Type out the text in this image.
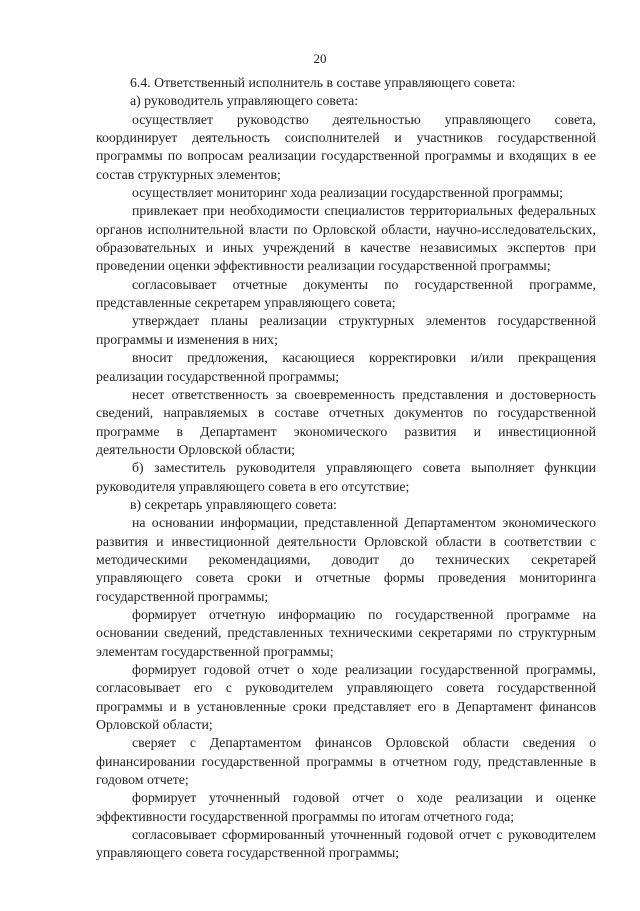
20

6.4. Ответственный исполнитель в составе управляющего совета:

а) руководитель управляющего совета:

осуществляет руководство деятельностью управляющего совета, координирует деятельность соисполнителей и участников государственной программы по вопросам реализации государственной программы и входящих в ее состав структурных элементов;

осуществляет мониторинг хода реализации государственной программы;

привлекает при необходимости специалистов территориальных федеральных органов исполнительной власти по Орловской области, научно-исследовательских, образовательных и иных учреждений в качестве независимых экспертов при проведении оценки эффективности реализации государственной программы;

согласовывает отчетные документы по государственной программе, представленные секретарем управляющего совета;

утверждает планы реализации структурных элементов государственной программы и изменения в них;

вносит предложения, касающиеся корректировки и/или прекращения реализации государственной программы;

несет ответственность за своевременность представления и достоверность сведений, направляемых в составе отчетных документов по государственной программе в Департамент экономического развития и инвестиционной деятельности Орловской области;

б) заместитель руководителя управляющего совета выполняет функции руководителя управляющего совета в его отсутствие;

в) секретарь управляющего совета:

на основании информации, представленной Департаментом экономического развития и инвестиционной деятельности Орловской области в соответствии с методическими рекомендациями, доводит до технических секретарей управляющего совета сроки и отчетные формы проведения мониторинга государственной программы;

формирует отчетную информацию по государственной программе на основании сведений, представленных техническими секретарями по структурным элементам государственной программы;

формирует годовой отчет о ходе реализации государственной программы, согласовывает его с руководителем управляющего совета государственной программы и в установленные сроки представляет его в Департамент финансов Орловской области;

сверяет с Департаментом финансов Орловской области сведения о финансировании государственной программы в отчетном году, представленные в годовом отчете;

формирует уточненный годовой отчет о ходе реализации и оценке эффективности государственной программы по итогам отчетного года;

согласовывает сформированный уточненный годовой отчет с руководителем управляющего совета государственной программы;
